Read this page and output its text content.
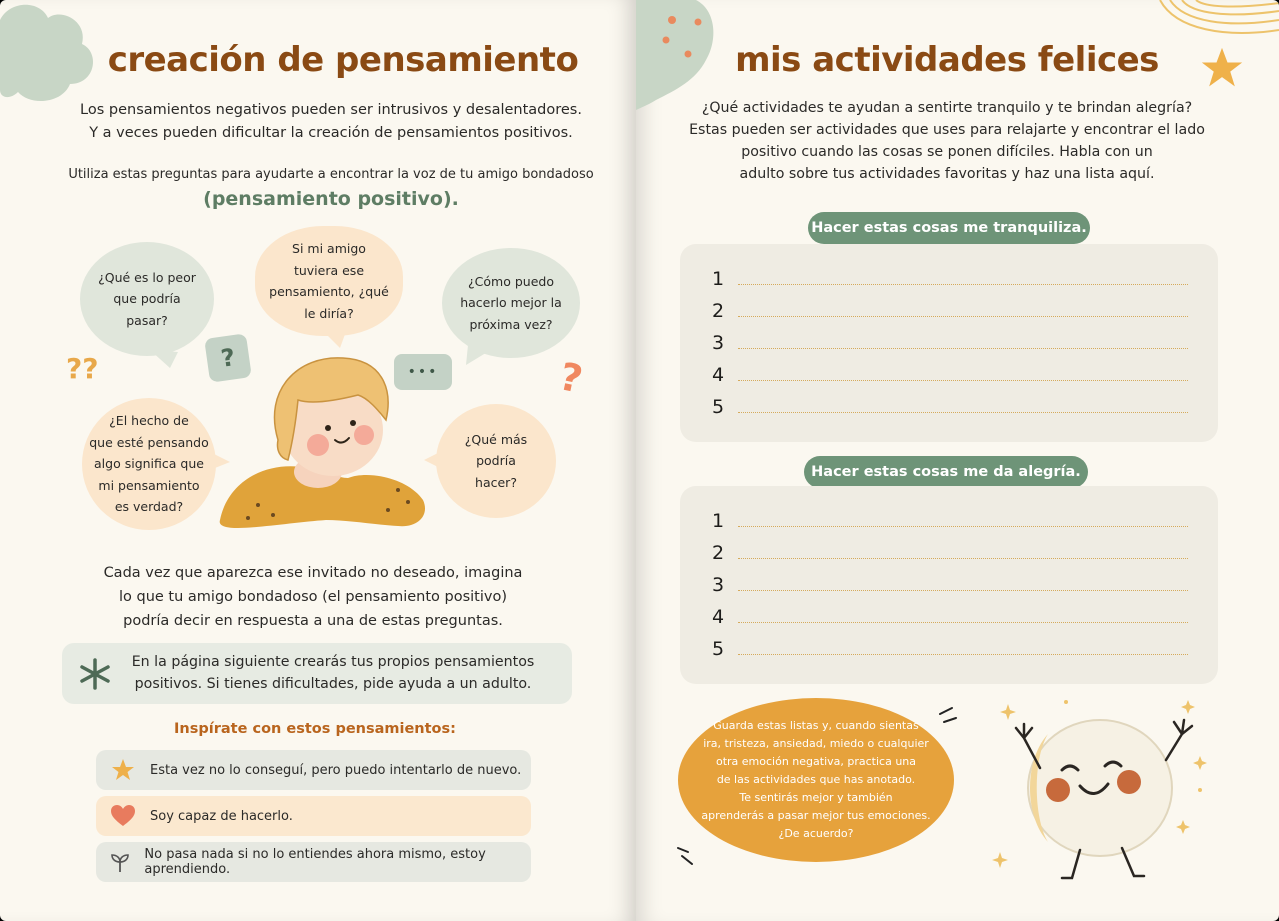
creación de pensamiento
Los pensamientos negativos pueden ser intrusivos y desalentadores.
Y a veces pueden dificultar la creación de pensamientos positivos.
Utiliza estas preguntas para ayudarte a encontrar la voz de tu amigo bondadoso
(pensamiento positivo).
¿Qué es lo peor
que podría
pasar?
Si mi amigo
tuviera ese
pensamiento, ¿qué
le diría?
¿Cómo puedo
hacerlo mejor la
próxima vez?
¿El hecho de
que esté pensando
algo significa que
mi pensamiento
es verdad?
¿Qué más
podría
hacer?
??	?	•••	?
Cada vez que aparezca ese invitado no deseado, imagina
lo que tu amigo bondadoso (el pensamiento positivo)
podría decir en respuesta a una de estas preguntas.
En la página siguiente crearás tus propios pensamientos
positivos. Si tienes dificultades, pide ayuda a un adulto.
Inspírate con estos pensamientos:
Esta vez no lo conseguí, pero puedo intentarlo de nuevo.
Soy capaz de hacerlo.
No pasa nada si no lo entiendes ahora mismo, estoy aprendiendo.
mis actividades felices
¿Qué actividades te ayudan a sentirte tranquilo y te brindan alegría?
Estas pueden ser actividades que uses para relajarte y encontrar el lado
positivo cuando las cosas se ponen difíciles. Habla con un
adulto sobre tus actividades favoritas y haz una lista aquí.
Hacer estas cosas me tranquiliza.
1
2
3
4
5
Hacer estas cosas me da alegría.
1
2
3
4
5
Guarda estas listas y, cuando sientas
ira, tristeza, ansiedad, miedo o cualquier
otra emoción negativa, practica una
de las actividades que has anotado.
Te sentirás mejor y también
aprenderás a pasar mejor tus emociones.
¿De acuerdo?
